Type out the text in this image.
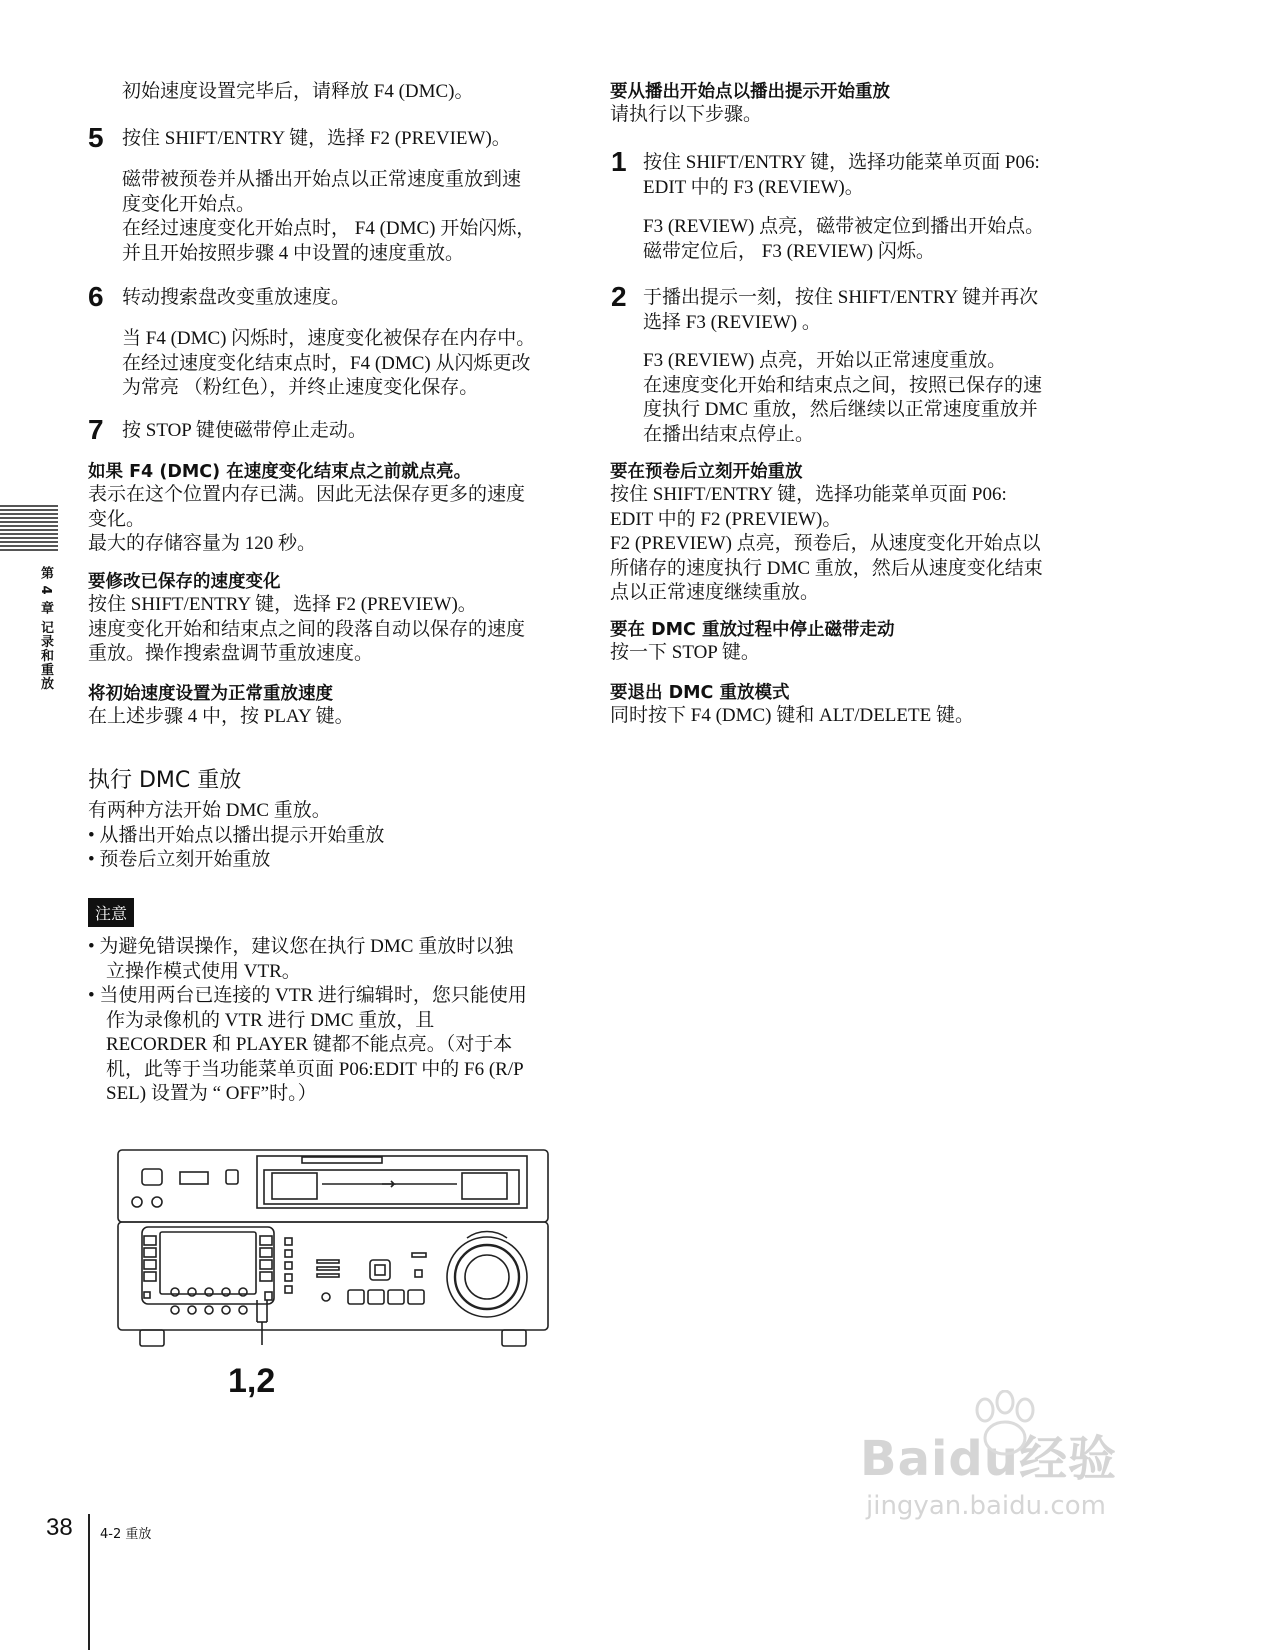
第 4 章 记录和重放
初始速度设置完毕后，请释放 F4 (DMC)。
5 按住 SHIFT/ENTRY 键，选择 F2 (PREVIEW)。
磁带被预卷并从播出开始点以正常速度重放到速
度变化开始点。
在经过速度变化开始点时， F4 (DMC) 开始闪烁，
并且开始按照步骤 4 中设置的速度重放。
6 转动搜索盘改变重放速度。
当 F4 (DMC) 闪烁时，速度变化被保存在内存中。
在经过速度变化结束点时，F4 (DMC) 从闪烁更改
为常亮 （粉红色），并终止速度变化保存。
7 按 STOP 键使磁带停止走动。
如果 F4 (DMC) 在速度变化结束点之前就点亮。
表示在这个位置内存已满。因此无法保存更多的速度
变化。
最大的存储容量为 120 秒。
要修改已保存的速度变化
按住 SHIFT/ENTRY 键，选择 F2 (PREVIEW)。
速度变化开始和结束点之间的段落自动以保存的速度
重放。操作搜索盘调节重放速度。
将初始速度设置为正常重放速度
在上述步骤 4 中，按 PLAY 键。
执行 DMC 重放
有两种方法开始 DMC 重放。
• 从播出开始点以播出提示开始重放
• 预卷后立刻开始重放
注意
• 为避免错误操作，建议您在执行 DMC 重放时以独
立操作模式使用 VTR。
• 当使用两台已连接的 VTR 进行编辑时，您只能使用
作为录像机的 VTR 进行 DMC 重放，且
RECORDER 和 PLAYER 键都不能点亮。（对于本
机，此等于当功能菜单页面 P06:EDIT 中的 F6 (R/P
SEL) 设置为 “ OFF”时。）
1,2
要从播出开始点以播出提示开始重放
请执行以下步骤。
1 按住 SHIFT/ENTRY 键，选择功能菜单页面 P06:
EDIT 中的 F3 (REVIEW)。
F3 (REVIEW) 点亮，磁带被定位到播出开始点。
磁带定位后， F3 (REVIEW) 闪烁。
2 于播出提示一刻，按住 SHIFT/ENTRY 键并再次
选择 F3 (REVIEW) 。
F3 (REVIEW) 点亮，开始以正常速度重放。
在速度变化开始和结束点之间，按照已保存的速
度执行 DMC 重放，然后继续以正常速度重放并
在播出结束点停止。
要在预卷后立刻开始重放
按住 SHIFT/ENTRY 键，选择功能菜单页面 P06:
EDIT 中的 F2 (PREVIEW)。
F2 (PREVIEW) 点亮，预卷后，从速度变化开始点以
所储存的速度执行 DMC 重放，然后从速度变化结束
点以正常速度继续重放。
要在 DMC 重放过程中停止磁带走动
按一下 STOP 键。
要退出 DMC 重放模式
同时按下 F4 (DMC) 键和 ALT/DELETE 键。
Baidu经验
jingyan.baidu.com
38 4-2 重放
